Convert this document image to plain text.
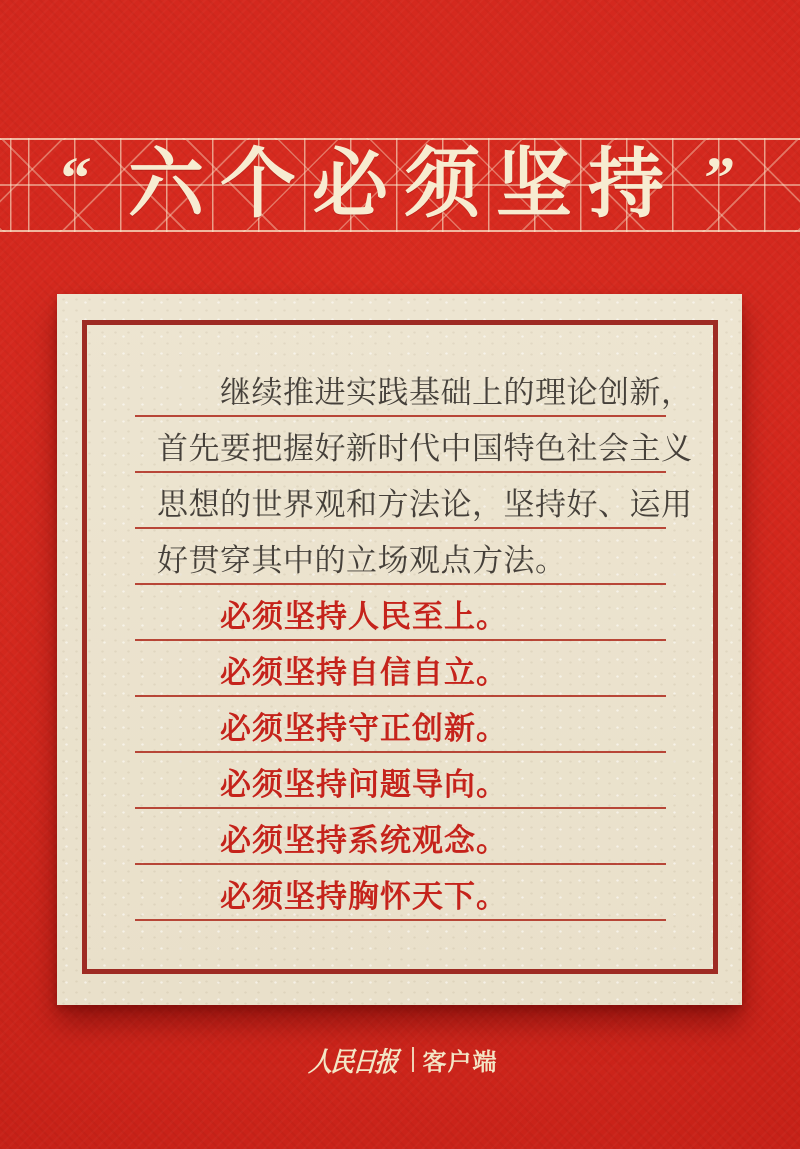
“ 六 个 必 须 坚 持 ”
继续推进实践基础上的理论创新，
首先要把握好新时代中国特色社会主义
思想的世界观和方法论，坚持好、运用
好贯穿其中的立场观点方法。
必须坚持人民至上。
必须坚持自信自立。
必须坚持守正创新。
必须坚持问题导向。
必须坚持系统观念。
必须坚持胸怀天下。
人民日报 客户端
